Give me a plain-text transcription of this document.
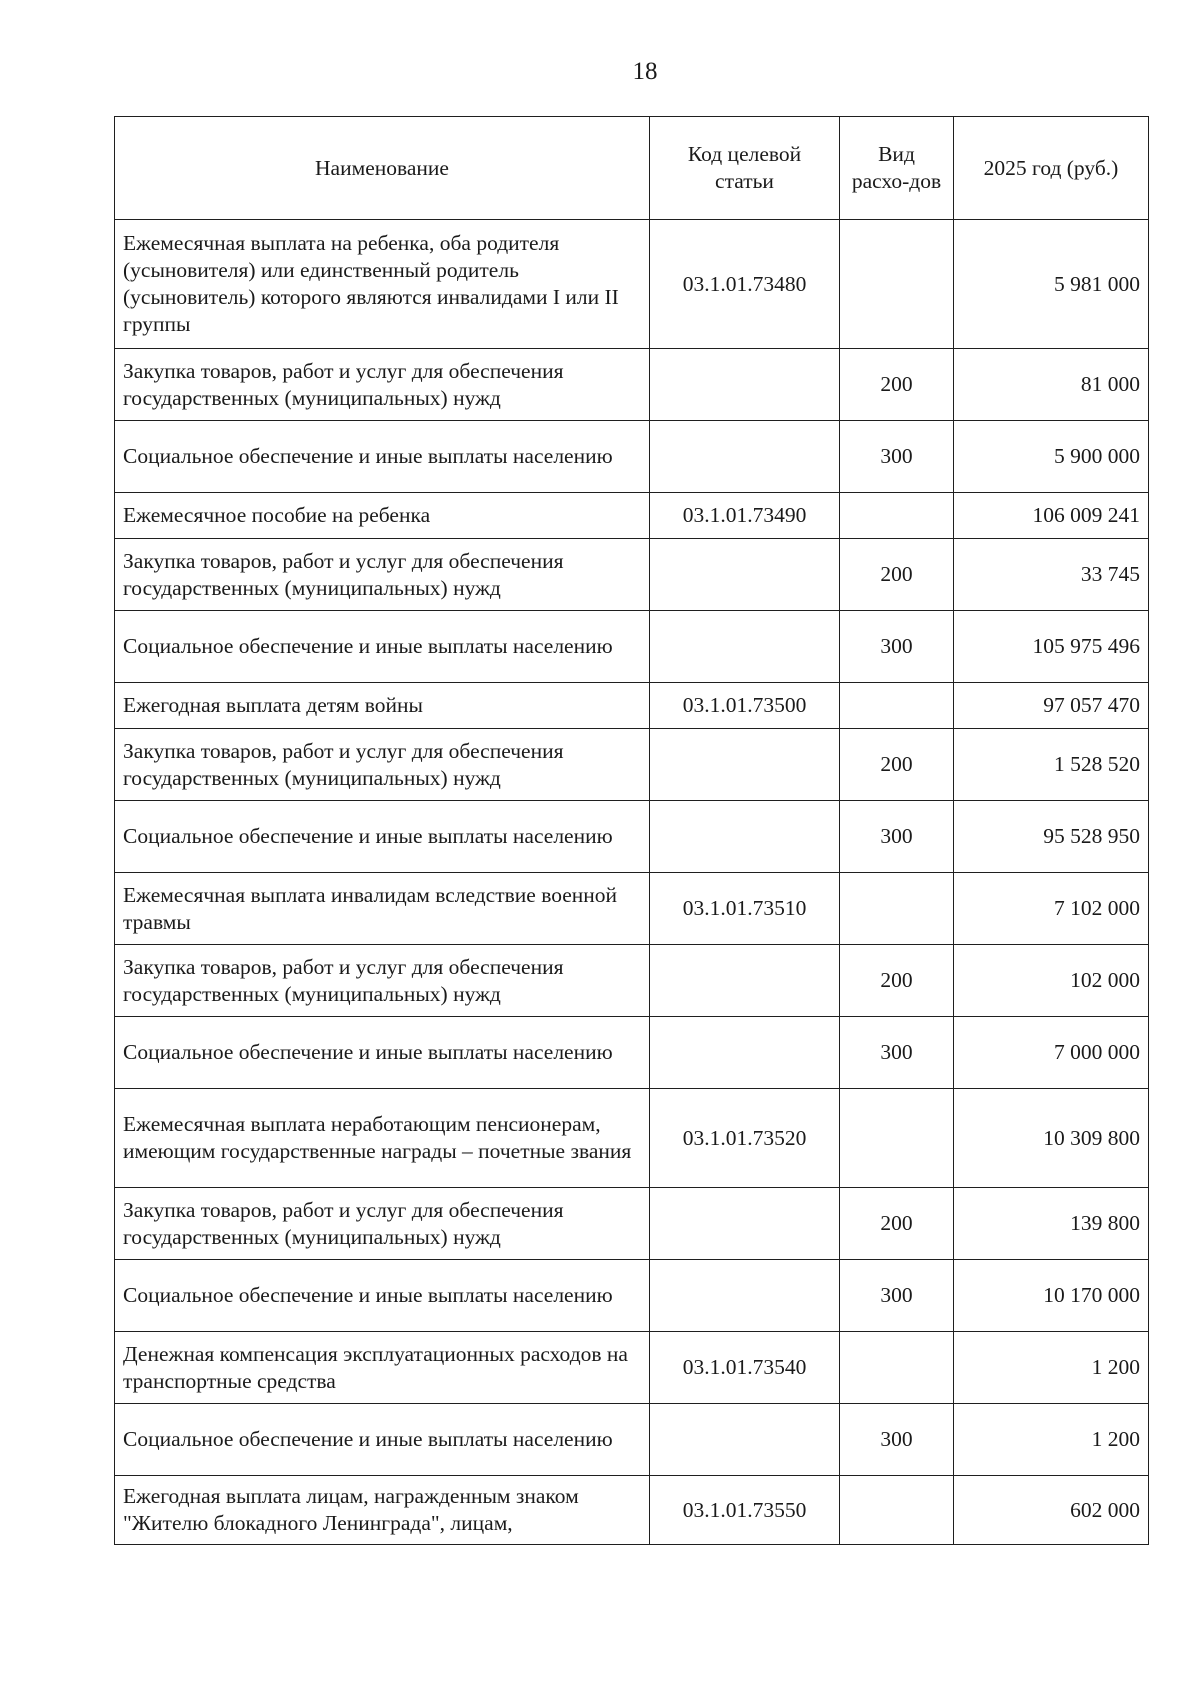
18
Наименование	Код целевой статьи	Вид расхо-дов	2025 год (руб.)
Ежемесячная выплата на ребенка, оба родителя (усыновителя) или единственный родитель (усыновитель) которого являются инвалидами I или II группы	03.1.01.73480		5 981 000
Закупка товаров, работ и услуг для обеспечения государственных (муниципальных) нужд		200	81 000
Социальное обеспечение и иные выплаты населению		300	5 900 000
Ежемесячное пособие на ребенка	03.1.01.73490		106 009 241
Закупка товаров, работ и услуг для обеспечения государственных (муниципальных) нужд		200	33 745
Социальное обеспечение и иные выплаты населению		300	105 975 496
Ежегодная выплата детям войны	03.1.01.73500		97 057 470
Закупка товаров, работ и услуг для обеспечения государственных (муниципальных) нужд		200	1 528 520
Социальное обеспечение и иные выплаты населению		300	95 528 950
Ежемесячная выплата инвалидам вследствие военной травмы	03.1.01.73510		7 102 000
Закупка товаров, работ и услуг для обеспечения государственных (муниципальных) нужд		200	102 000
Социальное обеспечение и иные выплаты населению		300	7 000 000
Ежемесячная выплата неработающим пенсионерам, имеющим государственные награды – почетные звания	03.1.01.73520		10 309 800
Закупка товаров, работ и услуг для обеспечения государственных (муниципальных) нужд		200	139 800
Социальное обеспечение и иные выплаты населению		300	10 170 000
Денежная компенсация эксплуатационных расходов на транспортные средства	03.1.01.73540		1 200
Социальное обеспечение и иные выплаты населению		300	1 200
Ежегодная выплата лицам, награжденным знаком "Жителю блокадного Ленинграда", лицам,	03.1.01.73550		602 000
